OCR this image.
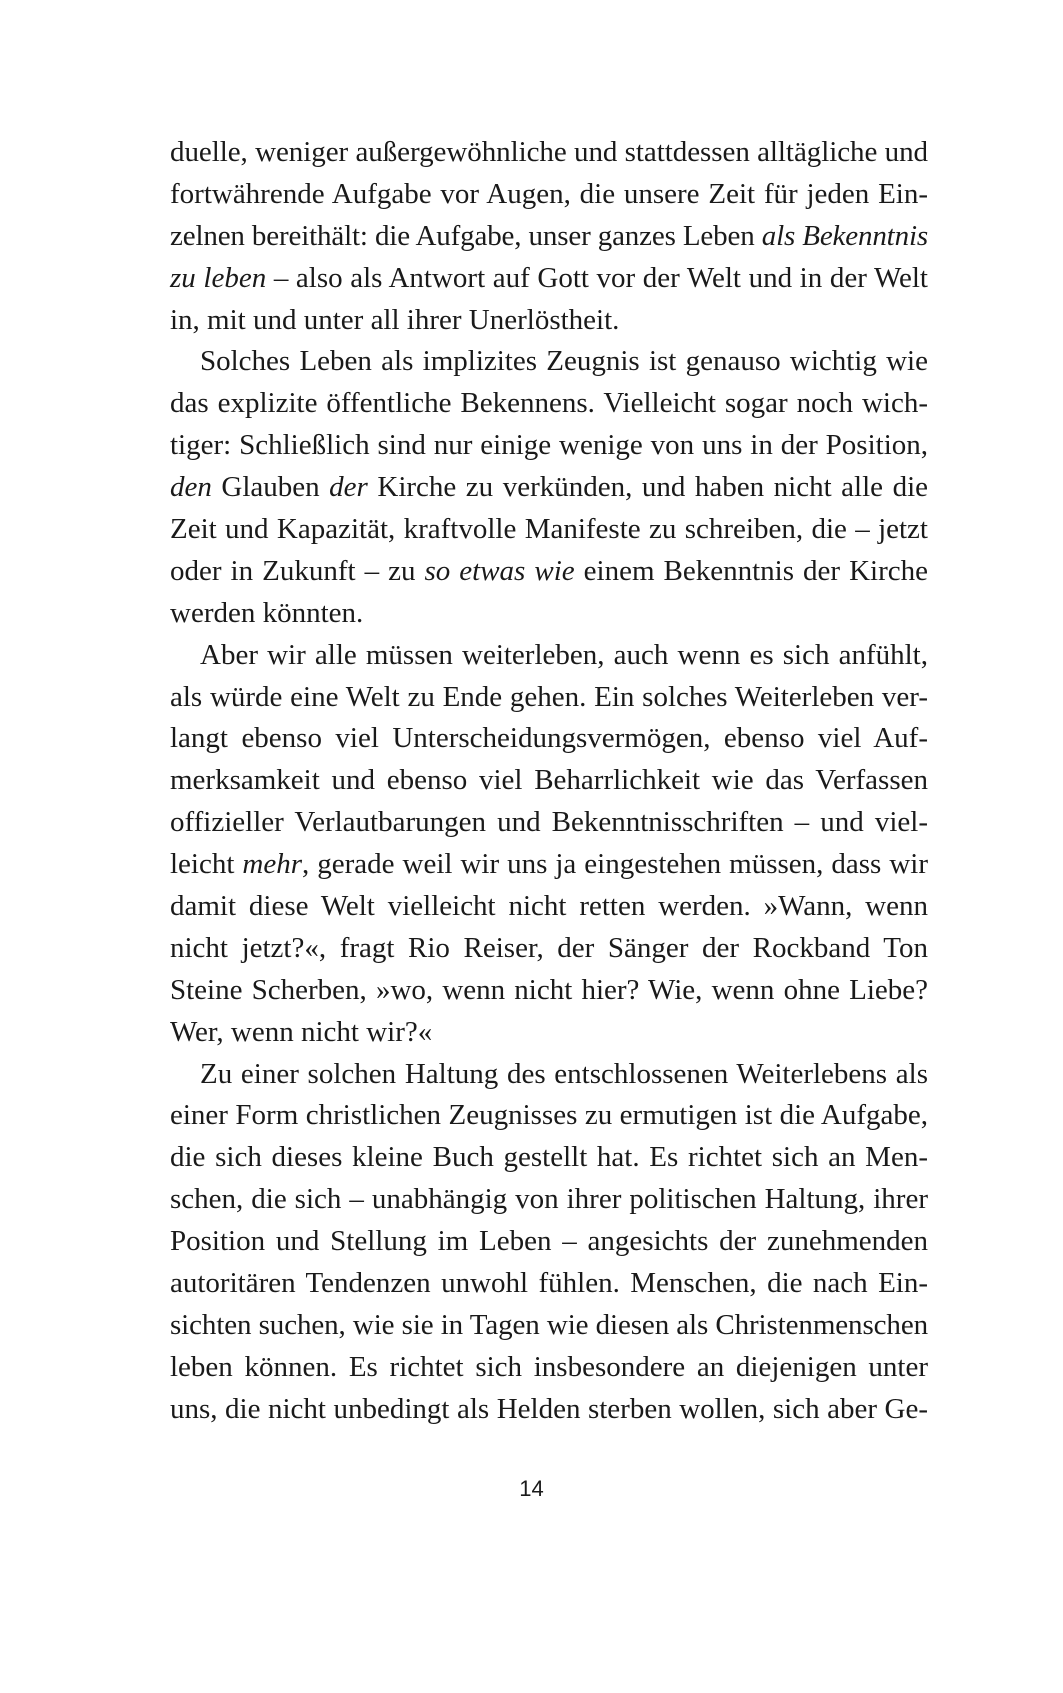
duelle, weniger außergewöhnliche und stattdessen alltägliche und
fortwährende Aufgabe vor Augen, die unsere Zeit für jeden Ein-
zelnen bereithält: die Aufgabe, unser ganzes Leben als Bekenntnis
zu leben – also als Antwort auf Gott vor der Welt und in der Welt
in, mit und unter all ihrer Unerlöstheit.
Solches Leben als implizites Zeugnis ist genauso wichtig wie
das explizite öffentliche Bekennens. Vielleicht sogar noch wich-
tiger: Schließlich sind nur einige wenige von uns in der Position,
den Glauben der Kirche zu verkünden, und haben nicht alle die
Zeit und Kapazität, kraftvolle Manifeste zu schreiben, die – jetzt
oder in Zukunft – zu so etwas wie einem Bekenntnis der Kirche
werden könnten.
Aber wir alle müssen weiterleben, auch wenn es sich anfühlt,
als würde eine Welt zu Ende gehen. Ein solches Weiterleben ver-
langt ebenso viel Unterscheidungsvermögen, ebenso viel Auf-
merksamkeit und ebenso viel Beharrlichkeit wie das Verfassen
offizieller Verlautbarungen und Bekenntnisschriften – und viel-
leicht mehr, gerade weil wir uns ja eingestehen müssen, dass wir
damit diese Welt vielleicht nicht retten werden. »Wann, wenn
nicht jetzt?«, fragt Rio Reiser, der Sänger der Rockband Ton
Steine Scherben, »wo, wenn nicht hier? Wie, wenn ohne Liebe?
Wer, wenn nicht wir?«
Zu einer solchen Haltung des entschlossenen Weiterlebens als
einer Form christlichen Zeugnisses zu ermutigen ist die Aufgabe,
die sich dieses kleine Buch gestellt hat. Es richtet sich an Men-
schen, die sich – unabhängig von ihrer politischen Haltung, ihrer
Position und Stellung im Leben – angesichts der zunehmenden
autoritären Tendenzen unwohl fühlen. Menschen, die nach Ein-
sichten suchen, wie sie in Tagen wie diesen als Christenmenschen
leben können. Es richtet sich insbesondere an diejenigen unter
uns, die nicht unbedingt als Helden sterben wollen, sich aber Ge-
14
